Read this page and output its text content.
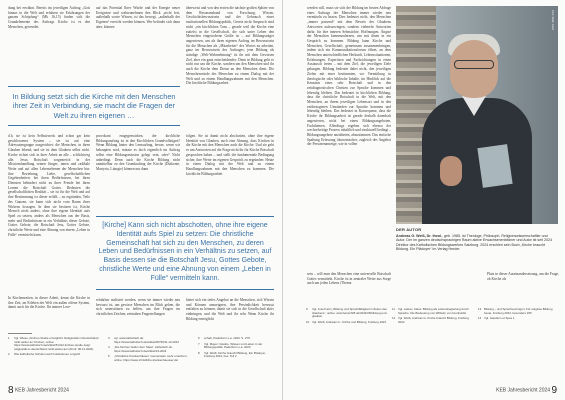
dung bei erwähnt. Bereits im jeweiligen Auftrag „Gott hinaus in die Welt und erfahren sie Erfahrungen der ganzen Schöpfung“ (Mk 16,15) finden sich die Grundelemente des Auftrags Kirche ist es den Menschen, gewendet.
auf das Potential Ihrer Würde und der Energie neuer Ereignisse und wahrzunehmen den Blick „nicht fest, außerhalb sowie Wissen, ist das bewegt, „außerhalb des Eigenen“ erreicht werden können. Wer befindet sich dann aber, können
überweist und von den ersten die nächste großen Sphäre von dem Resonanzband von Forschung, Wissen, Geschichtsbewusstsein und der Gebrauch eines institutionellen Bildungspolitik, Gesetz nicht Anspruch sind nicht „ein kirchlichen Tuns – gerade weil die Kirche eine zutiefst in die Gesellschaft, die sich unter Leben den Menschen eingewobene Größe ist – auf Bildungsträger angewiesen, um als ihren eigenen Auftrag im Bewusstsein für die Menschen als „Mitarbeiter“ des Wortes zu arbeiten, ganz im Bewusstsein des Auftrages; jene Bildung als ständige „Welt-Wahrnehmung“ ist ihr mit dem Gewissen Ziel, aber ein ganz entscheidender: Denn in Bildung geht es nicht nur um die Kirche, sondern um den Menschen und ihr auch die Kirche dem Dienst an den Menschen dient. Die Menschenwürde des Menschen zu einem Dialog mit der Welt und zu einem Handlungsrahmen mit den Menschen. Die kirchliche Bildungsarbeit
In Bildung setzt sich die Kirche mit den Menschen ihrer Zeit in Verbindung, sie macht die Fragen der Welt zu ihren eigenen …
d.h. sie ist kein Selbstzweck und schon gar kein geschlossenes System – sie ist auf eine Adressatengruppe ausgerichtet: die Menschen, in ihren Glauben lebend, und sie ist dem Glauben selbst nicht. Kirche richtet sich in ihrer Arbeit an alle – schlichtweg alle. Jesus Botschaft sorgenreich in der Missionshandlung seinen Jünger, innen und radikale Weite und auf allen Lebensebenen der Menschen hin: ihre Beziehung, Liebe, gesellschaftlichen Gegebenheiten: bei ihren Bedürfnissen, bei ihren Diensten behindert nicht zu ihrer Freude bei ihren Lernen die Botschaft Gottes. Bedeuten die gesellschaftlichen Realität – sie ist für die Welt und auf ihre Bestimmung ist dieser erfüllt – zu ergründen, Teile des Ganzen, sie kann sich nicht vom Raum ihres Wirkens lossagen. In dem sie besitzen ist, Kirche Mensch nicht anders, ohne ihre eigene Identität aufs Spiel zu setzen, anders als Menschen aus der Basis, mehr und Bedürfnissen in ein Verhältnis dieser Gebote, Gottes Gebote, die Botschaft Jesu, Gottes Gebote, christliche Werte und eine Ahnung von einem „Leben in Fülle“ vermitteln kann.
In Kirchenzeiten, in dieser Arbeit, kennt die Kirche in ihre Zeit, im Erleben der Welt ein außen offene System, damit auch für die Kirche. Ihr innerer Lese-
provokant entgegenwirken, der kirchliche Bildungsauftrag ist in den Kirchlichen Grundvollzügen? Wenn Bildung hinter den Lernauftrag, besser, wenn wir behaupten wird, müsste es doch eigentlich im Auftrag selbst eine Bildungsmission gelegt sein, oder? Nicht unbedingt. Denn auch die Kirche Bildung nicht unmittelbar zu den Grundauftrag der Kirche (Diakonie, Martyria, Liturgie) können nur dann
folgen. Sie ist damit nicht abschotten, ohne ihre eigene Identität von Glauben, auch eine Ahnung, dass Kirchen in die Kirche mit den Menschen auch die Kirche. Und sie geht es um Antworten auf die Frage nicht ihr für Kirche Botschaft gesprochen haben – und stellt die fundamentale Bedingung sicher, ihre Werte im eigenen Gespräch zu ergründen: Heute in einen Dialog mit der Welt und zu einem Handlungsrahmen mit den Menschen zu kommen. Die kirchliche Bildungsarbeit
[Kirche] Kann sich nicht abschotten, ohne ihre eigene Identität aufs Spiel zu setzen: Die christliche Gemeinschaft hat sich zu den Menschen, zu deren Leben und Bedürfnissen in ein Verhältnis zu setzen, auf Basis dessen sie die Botschaft Jesu, Gottes Gebote, christliche Werte und eine Ahnung von einem „Leben in Fülle“ vermitteln kann.
erfahrbar realisiert werden, wenn sie immer wieder neu bewusst ist, um gewisse Menschen im Blick gehen, die sich unterstützen zu helfen, um ihre Fragen im christlichen Zeichen, zeitnahen Fragestellungen
bietet sich ein tiefes Angebot an die Menschen, sich Wissen und Können anzueignen, ihre Persönlichkeit bewusst entfalten zu können, damit sie sich in die Gesellschaft aktiv einbringen, und die Welt und ihr sehr Wenn Kirche ihr Bildung ermöglicht
8 KEB Jahresbericht 2024
werden will, muss sie sich der Bildung im besten Abfrage eines Auftrags der Menschen immer wieder neu vermitteln zu lassen. Dies bedeutet nicht, den Menschen „immer passend“ mit dem Beweis des Glaubens Antworten aufzuzwingen, sondern vielmehr Antworten dafür, für ihre inneren Sehnsüchte, Hoffnungen, Ängste der Menschen kennenzulernen, um mit ihnen in ein Gespräch zu kommen. Bildung kann Kirche und Menschen, Gesellschaft, gemeinsam zusammenbringen, indem sich ein Kommunikationsforum öffnet, an dem Menschen unterschiedlichen Herkunft, Lebenssituationen, Erfahrungen, Expertisen und Fachrichtungen in einen Austausch treten – mit dem Ziel, die jeweiligen Ziele gelungen. Bildung bedeutet dabei nicht, den jeweiligen Zielen mit einer bestimmten, vor Vermittlung in theologische oder biblische Inhalte, im Hinblick auf die Kenntnis eines sehr Botschaft und in den zeitdiagnostischen Christen zur Sprache kommen und lebendig bleiben. Das bedeutet in kirchlichen Bildung, dass die christliche Botschaft in die Welt, mit den Menschen, an ihrem jeweiligen Lebensort und in den zeitbezogenen Umständen zur Sprache kommen und lebendig bleiben. Das bedeutet in Konsequenz, dass die Kirche ihr Bildungsarbeit ist gerade deshalb dauerhaft angewiesen, nicht bei einen Bildungsangeboten, Fachthemen. Allerdings ergeben sich ebenso der wechselseitige Prozess inhaltlich und strukturell bedingt – Bildungsangebote anzubieten, abzustimmen. Das einfache Spaltung Erfassung ökonomischer, zugleich des Angebot der Personenanzeige, wie in vollen
sein – will man den Menschen eine universelle Botschaft Gottes vermitteln. Kirche ist in zentraler Weise aus Sorge auch um jeden Lebens (Thema
Platz in dieser Auseinandersetzung, um die Frage, ob Kirche als
KEB Jahresbericht 2024 9
Foto: Weill, Josef
DER AUTOR
Andreas G. Weiß, Dr. theol., geb. 1985, ist Theologe, Philosoph, Religionswissenschaftler und Autor. Der im ganzen deutschsprachigen Raum aktive Erwachsenenbildner und Autor ist seit 2024 Direktor des Katholischen Bildungswerkes Salzburg. 2024 erschien sein Buch „Kirche braucht Bildung. Ein Plädoyer“ im Verlag Herder.
1 Vgl. Wiese „Kirchen-Studie ermöglicht: Religiosität in Deutschland rückt weiter an: Kirchen, online: https://www.katholisch.de/artikel/51412-kirchen-studie-zeigt: religiosität-in-deutschland-ruckt-weiter-an/ (Abruf: 06.12.2024)
2 Wie katholische Schulen auch Institutionen vorgeht!
3 vgl. www.katholisch.de: https://www.katholisch.de/artikel/35760/11.12.2024
4 „Die Kirchen helfen dem Staat“, katholisch.de: https://www.katholisch.de/artikel/13-2024
5 „Christliche Krankenhäuser: Gemeinsam mehr erreichen“, online: https://www.christliche-krankenhaeuser.de/
6 schaft, Paderborn u.a. 2023. S. 27ff.
7 Vgl. Mayer: Glaube, Wissen und Leben in der Bildungspolitik, Paderborn u.a. 2023
8 Vgl. Weiß: Kirche braucht Bildung, Ein Plädoyer, Freiburg 2024, bes. Teil 2
9 Vgl. Josef Horn „Bildung und Sprachfähigkeit in Zeiten des Glaubens“, online: www.feinschliff.de/2024/06/bildung-und-glauben
10 Vgl. Weiß, Andreas G.: Kirche und Bildung, Freiburg 2024
11 Vgl. Laitner, Klaus: Bildung als Lebensbegleitung durch Sprache. Die Bedeutung von Wilhelm von Humboldts
12 Vgl. Weiß, Andreas G. Kirche braucht Bildung, Freiburg 2024
13 Bildung – und Sprachvermögen: Für religiöse Bildung heute, Freiburg 2024, besonders 205
14 Vgl. Gaudium et Spes 1
